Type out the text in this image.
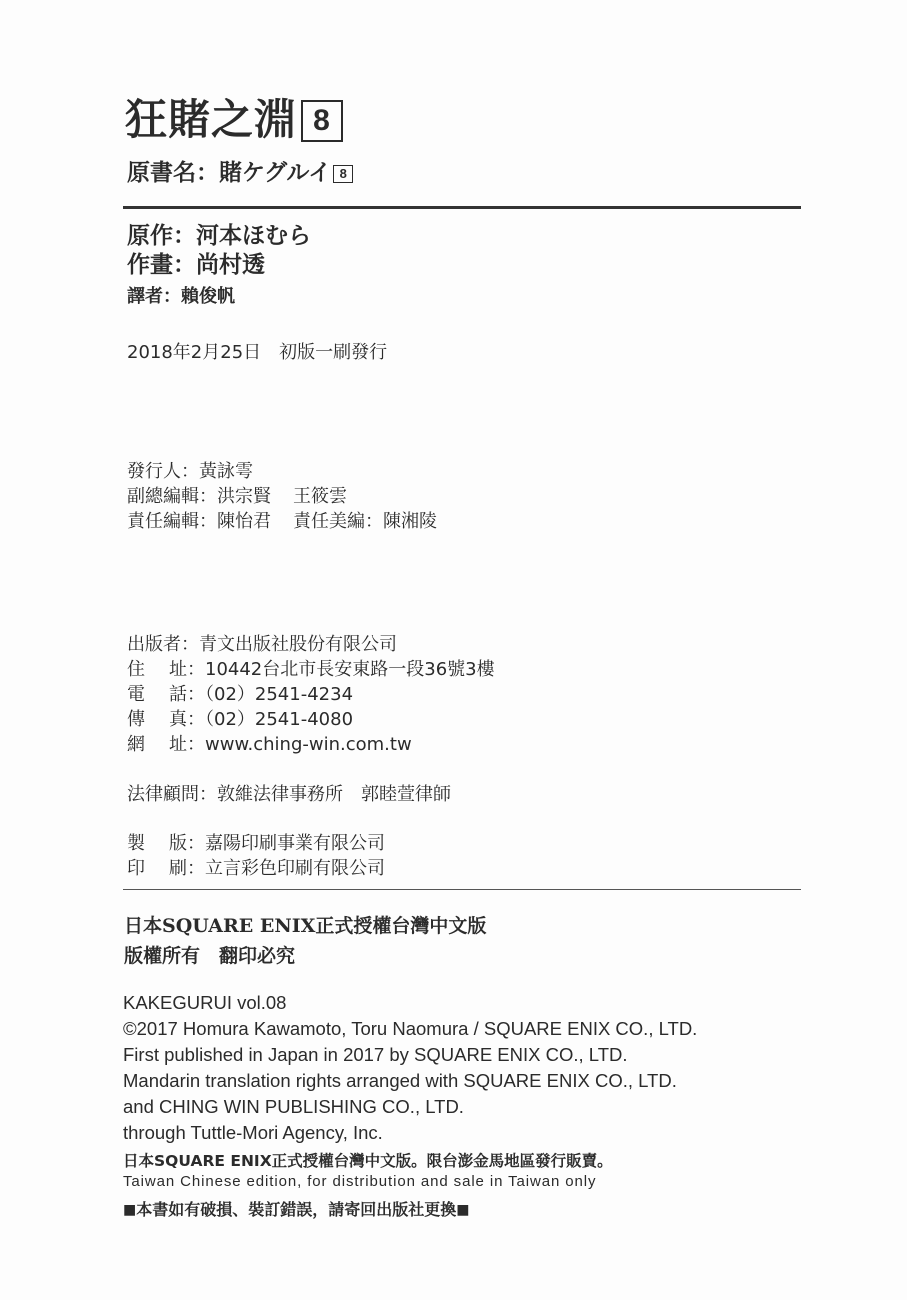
狂賭之淵 8
原書名：賭ケグルイ 8
原作：河本ほむら
作畫：尚村透
譯者：賴俊帆
2018年2月25日　初版一刷發行
發行人：黃詠雩
副總編輯：洪宗賢 王筱雲
責任編輯：陳怡君 責任美編：陳湘陵
出版者：青文出版社股份有限公司
住 址：10442台北市長安東路一段36號3樓
電 話：（02）2541-4234
傳 真：（02）2541-4080
網 址：www.ching-win.com.tw
法律顧問：敦維法律事務所　郭睦萱律師
製 版：嘉陽印刷事業有限公司
印 刷：立言彩色印刷有限公司
日本SQUARE ENIX正式授權台灣中文版
版權所有　翻印必究
KAKEGURUI vol.08
©2017 Homura Kawamoto, Toru Naomura / SQUARE ENIX CO., LTD.
First published in Japan in 2017 by SQUARE ENIX CO., LTD.
Mandarin translation rights arranged with SQUARE ENIX CO., LTD.
and CHING WIN PUBLISHING CO., LTD.
through Tuttle-Mori Agency, Inc.
日本SQUARE ENIX正式授權台灣中文版。限台澎金馬地區發行販賣。
Taiwan Chinese edition, for distribution and sale in Taiwan only
■本書如有破損、裝訂錯誤，請寄回出版社更換■
